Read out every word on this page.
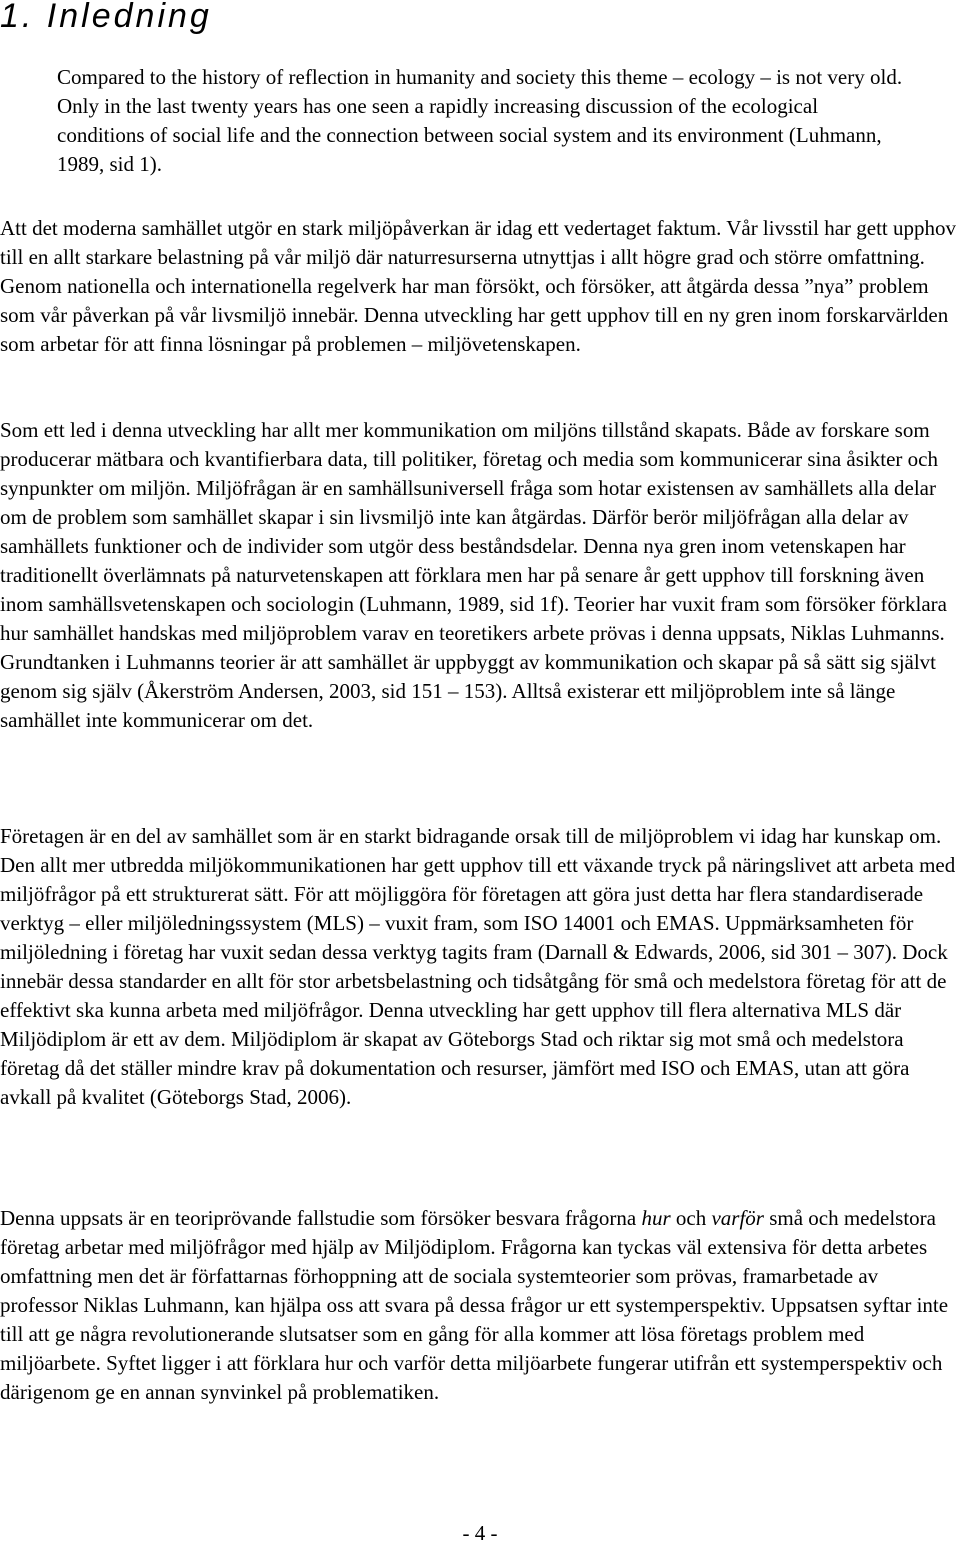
1. Inledning

Compared to the history of reflection in humanity and society this theme – ecology – is not very old. Only in the last twenty years has one seen a rapidly increasing discussion of the ecological conditions of social life and the connection between social system and its environment (Luhmann, 1989, sid 1).

Att det moderna samhället utgör en stark miljöpåverkan är idag ett vedertaget faktum. Vår livsstil har gett upphov till en allt starkare belastning på vår miljö där naturresurserna utnyttjas i allt högre grad och större omfattning. Genom nationella och internationella regelverk har man försökt, och försöker, att åtgärda dessa ”nya” problem som vår påverkan på vår livsmiljö innebär. Denna utveckling har gett upphov till en ny gren inom forskarvärlden som arbetar för att finna lösningar på problemen – miljövetenskapen.

Som ett led i denna utveckling har allt mer kommunikation om miljöns tillstånd skapats. Både av forskare som producerar mätbara och kvantifierbara data, till politiker, företag och media som kommunicerar sina åsikter och synpunkter om miljön. Miljöfrågan är en samhällsuniversell fråga som hotar existensen av samhällets alla delar om de problem som samhället skapar i sin livsmiljö inte kan åtgärdas. Därför berör miljöfrågan alla delar av samhällets funktioner och de individer som utgör dess beståndsdelar. Denna nya gren inom vetenskapen har traditionellt överlämnats på naturvetenskapen att förklara men har på senare år gett upphov till forskning även inom samhällsvetenskapen och sociologin (Luhmann, 1989, sid 1f). Teorier har vuxit fram som försöker förklara hur samhället handskas med miljöproblem varav en teoretikers arbete prövas i denna uppsats, Niklas Luhmanns. Grundtanken i Luhmanns teorier är att samhället är uppbyggt av kommunikation och skapar på så sätt sig självt genom sig själv (Åkerström Andersen, 2003, sid 151 – 153). Alltså existerar ett miljöproblem inte så länge samhället inte kommunicerar om det.

Företagen är en del av samhället som är en starkt bidragande orsak till de miljöproblem vi idag har kunskap om. Den allt mer utbredda miljökommunikationen har gett upphov till ett växande tryck på näringslivet att arbeta med miljöfrågor på ett strukturerat sätt. För att möjliggöra för företagen att göra just detta har flera standardiserade verktyg – eller miljöledningssystem (MLS) – vuxit fram, som ISO 14001 och EMAS. Uppmärksamheten för miljöledning i företag har vuxit sedan dessa verktyg tagits fram (Darnall & Edwards, 2006, sid 301 – 307). Dock innebär dessa standarder en allt för stor arbetsbelastning och tidsåtgång för små och medelstora företag för att de effektivt ska kunna arbeta med miljöfrågor. Denna utveckling har gett upphov till flera alternativa MLS där Miljödiplom är ett av dem. Miljödiplom är skapat av Göteborgs Stad och riktar sig mot små och medelstora företag då det ställer mindre krav på dokumentation och resurser, jämfört med ISO och EMAS, utan att göra avkall på kvalitet (Göteborgs Stad, 2006).

Denna uppsats är en teoriprövande fallstudie som försöker besvara frågorna hur och varför små och medelstora företag arbetar med miljöfrågor med hjälp av Miljödiplom. Frågorna kan tyckas väl extensiva för detta arbetes omfattning men det är författarnas förhoppning att de sociala systemteorier som prövas, framarbetade av professor Niklas Luhmann, kan hjälpa oss att svara på dessa frågor ur ett systemperspektiv. Uppsatsen syftar inte till att ge några revolutionerande slutsatser som en gång för alla kommer att lösa företags problem med miljöarbete. Syftet ligger i att förklara hur och varför detta miljöarbete fungerar utifrån ett systemperspektiv och därigenom ge en annan synvinkel på problematiken.

- 4 -
